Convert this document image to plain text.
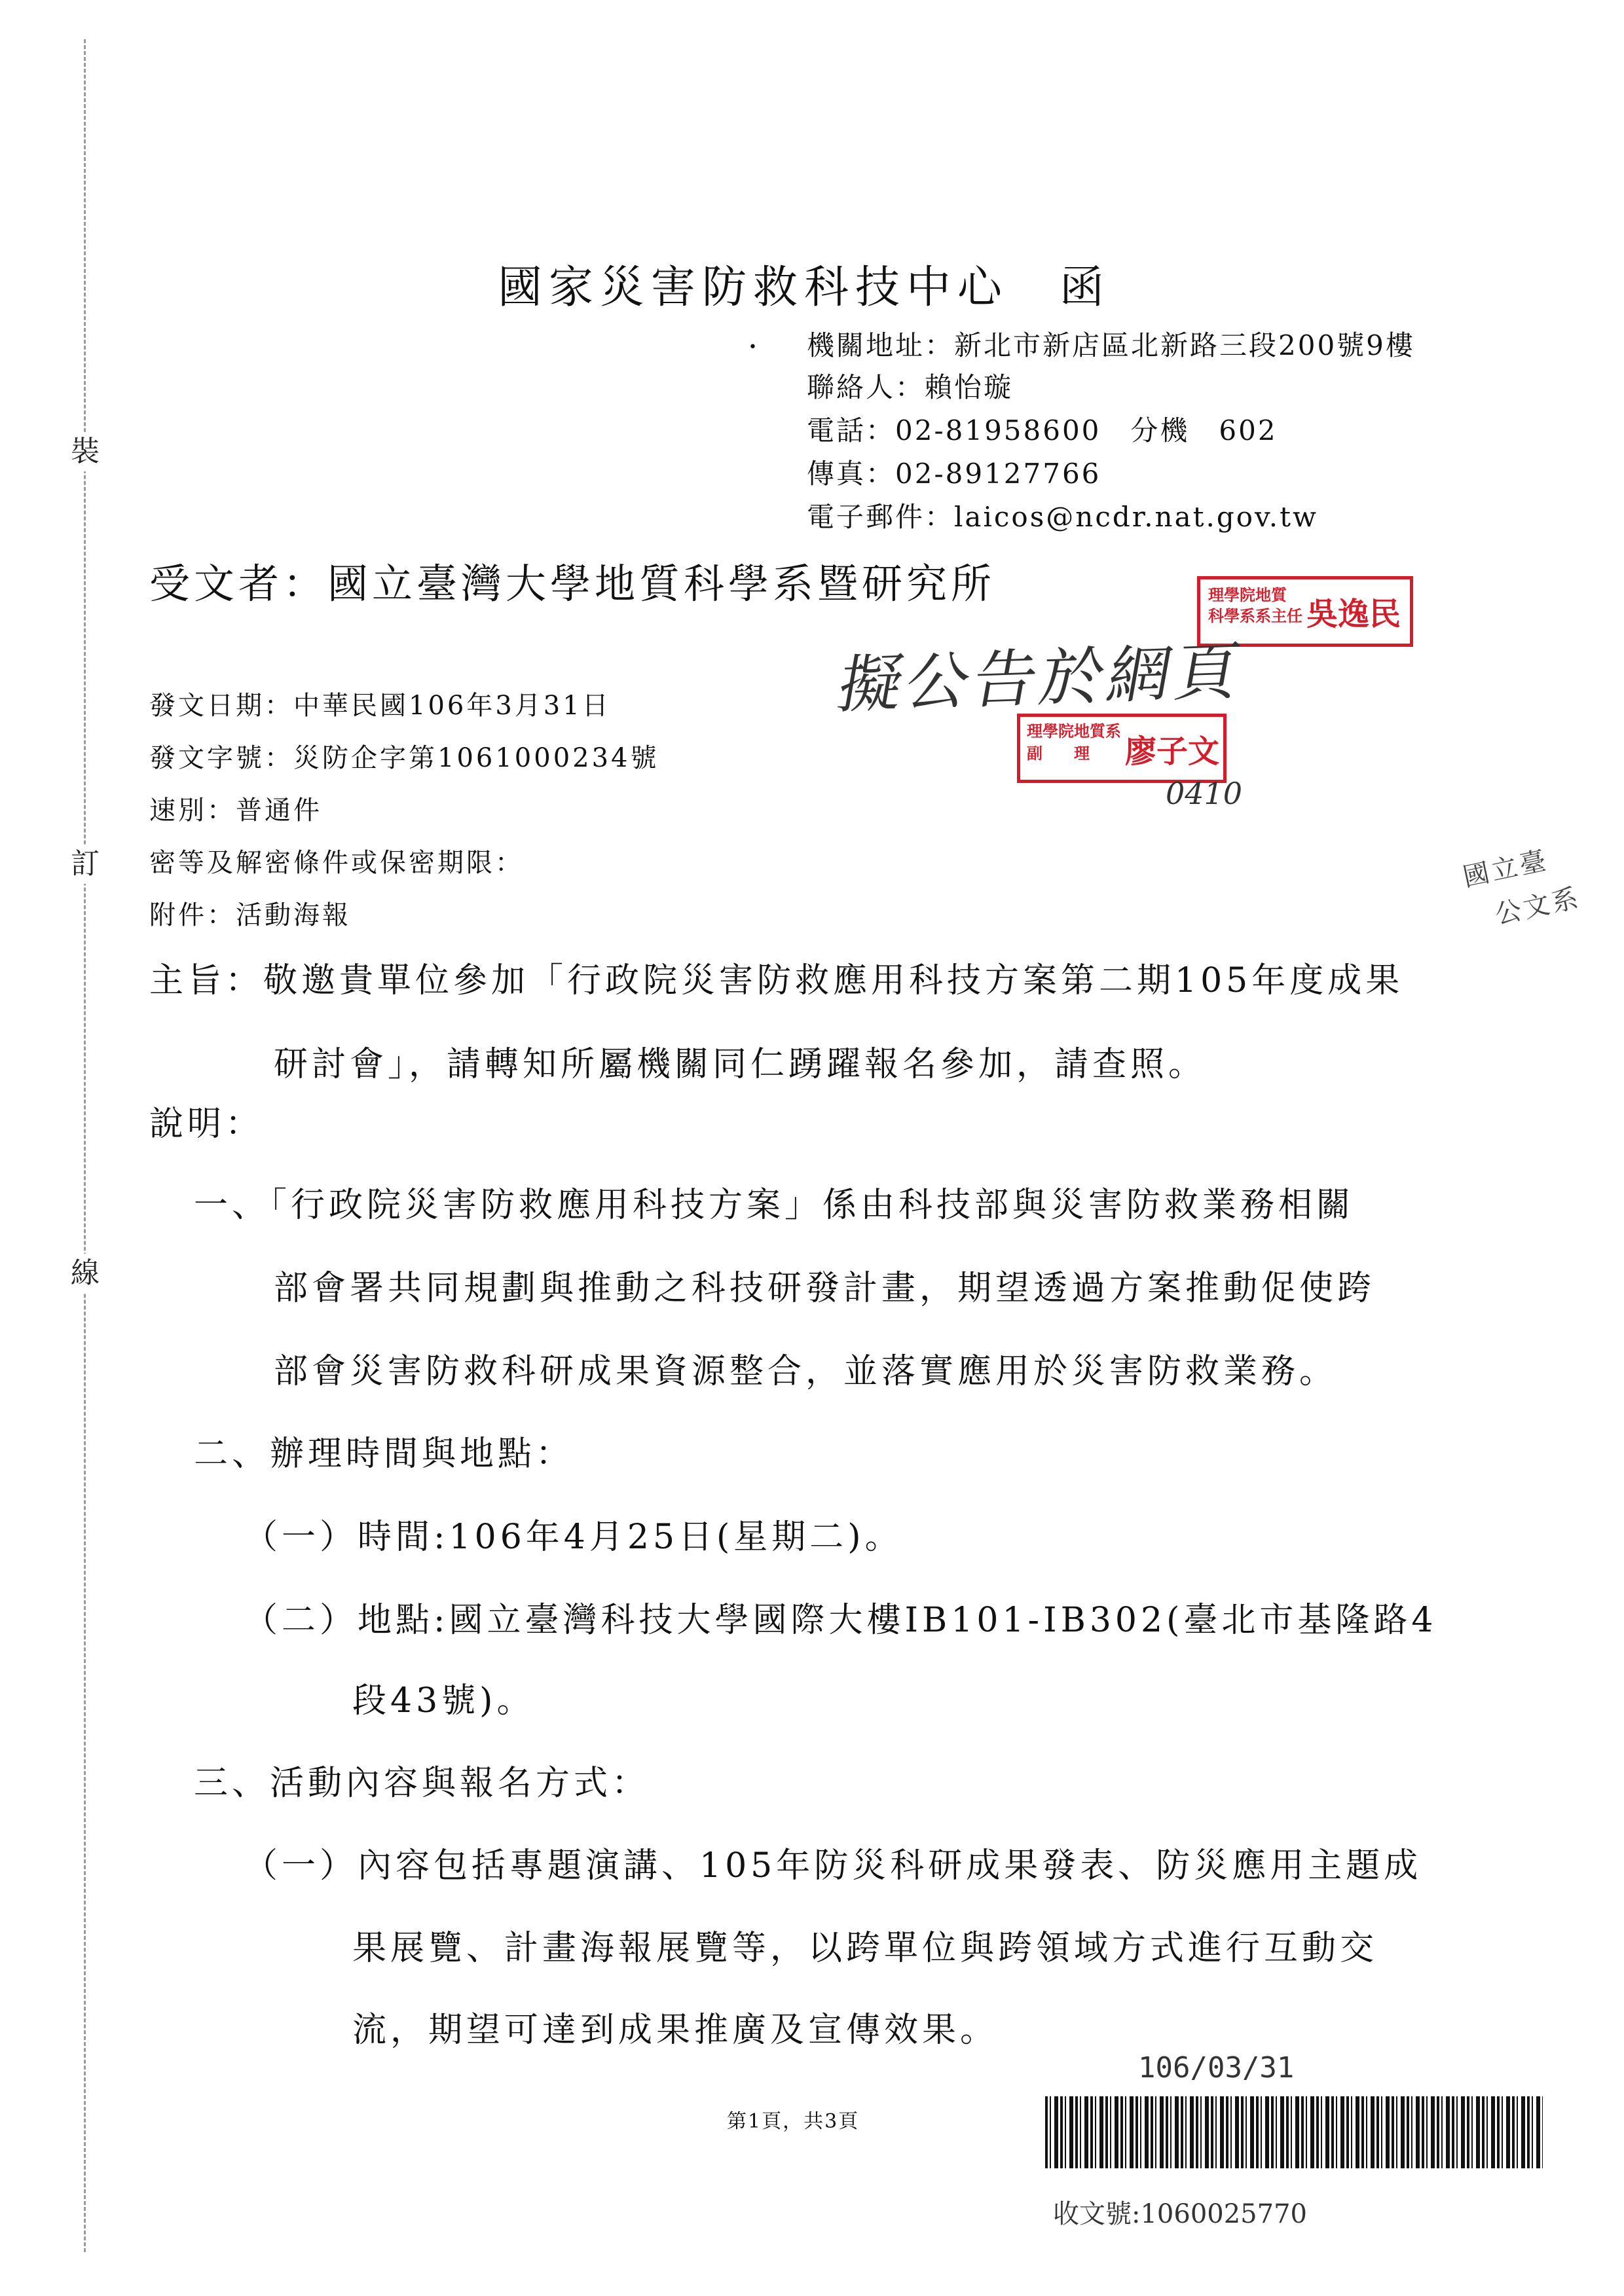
裝
訂
線
國家災害防救科技中心　函
• 機關地址：新北市新店區北新路三段200號9樓
聯絡人：賴怡璇
電話：02-81958600　分機　602
傳真：02-89127766
電子郵件：laicos@ncdr.nat.gov.tw
受文者：國立臺灣大學地質科學系暨研究所	理學院地質
科學系系主任 吳逸民
理學院地質系
副　　理 廖子文
擬公告於網頁
0410
國立臺
公文系
發文日期：中華民國106年3月31日
發文字號：災防企字第1061000234號
速別：普通件
密等及解密條件或保密期限：
附件：活動海報
主旨：敬邀貴單位參加「行政院災害防救應用科技方案第二期105年度成果
研討會」，請轉知所屬機關同仁踴躍報名參加，請查照。
說明：
一、「行政院災害防救應用科技方案」係由科技部與災害防救業務相關
部會署共同規劃與推動之科技研發計畫，期望透過方案推動促使跨
部會災害防救科研成果資源整合，並落實應用於災害防救業務。
二、辦理時間與地點：
（一）時間:106年4月25日(星期二)。
（二）地點:國立臺灣科技大學國際大樓IB101-IB302(臺北市基隆路4
段43號)。
三、活動內容與報名方式：
（一）內容包括專題演講、105年防災科研成果發表、防災應用主題成
果展覽、計畫海報展覽等，以跨單位與跨領域方式進行互動交
流，期望可達到成果推廣及宣傳效果。
106/03/31
第1頁，共3頁
收文號:1060025770
